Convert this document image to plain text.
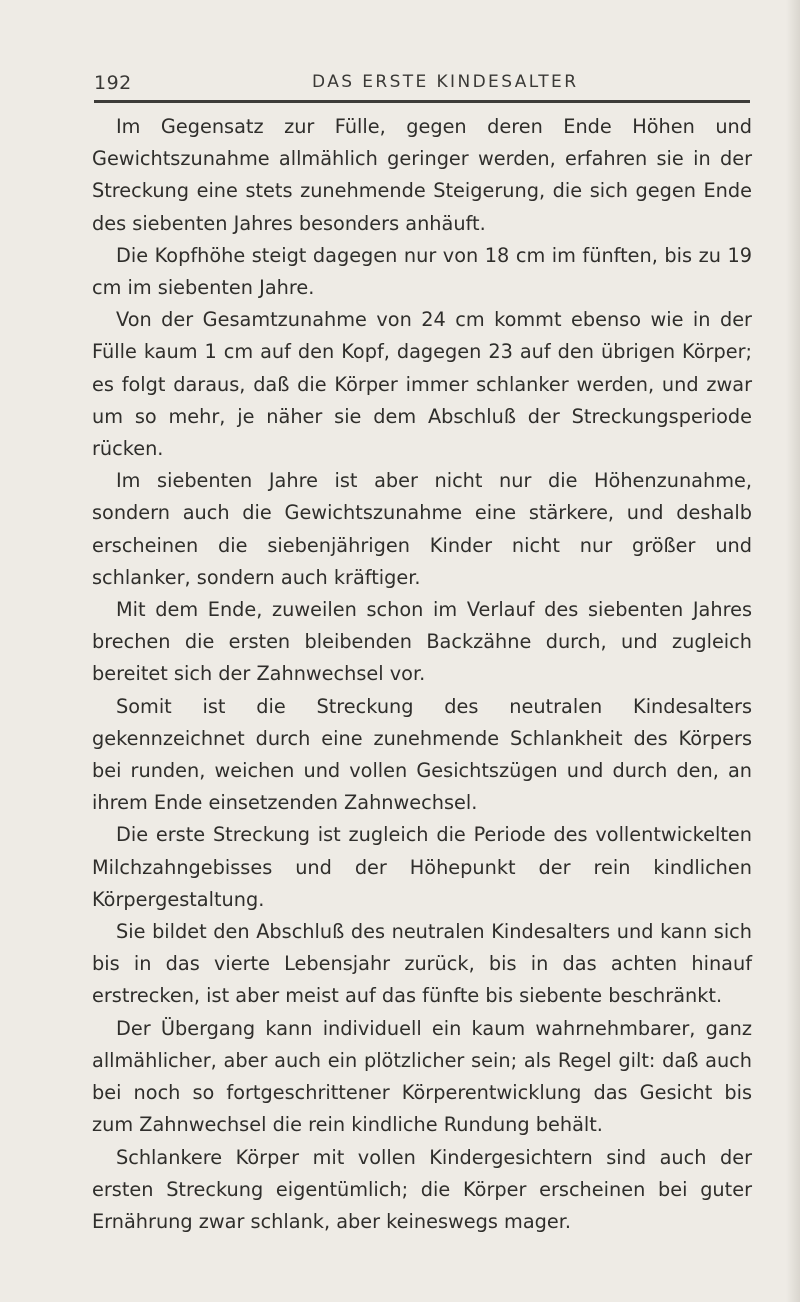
192	DAS ERSTE KINDESALTER

Im Gegensatz zur Fülle, gegen deren Ende Höhen und Gewichtszunahme allmählich geringer werden, erfahren sie in der Streckung eine stets zunehmende Steigerung, die sich gegen Ende des siebenten Jahres besonders anhäuft.

Die Kopfhöhe steigt dagegen nur von 18 cm im fünften, bis zu 19 cm im siebenten Jahre.

Von der Gesamtzunahme von 24 cm kommt ebenso wie in der Fülle kaum 1 cm auf den Kopf, dagegen 23 auf den übrigen Körper; es folgt daraus, daß die Körper immer schlanker werden, und zwar um so mehr, je näher sie dem Abschluß der Streckungsperiode rücken.

Im siebenten Jahre ist aber nicht nur die Höhenzunahme, sondern auch die Gewichtszunahme eine stärkere, und deshalb erscheinen die siebenjährigen Kinder nicht nur größer und schlanker, sondern auch kräftiger.

Mit dem Ende, zuweilen schon im Verlauf des siebenten Jahres brechen die ersten bleibenden Backzähne durch, und zugleich bereitet sich der Zahnwechsel vor.

Somit ist die Streckung des neutralen Kindesalters gekennzeichnet durch eine zunehmende Schlankheit des Körpers bei runden, weichen und vollen Gesichtszügen und durch den, an ihrem Ende einsetzenden Zahnwechsel.

Die erste Streckung ist zugleich die Periode des vollentwickelten Milchzahngebisses und der Höhepunkt der rein kindlichen Körpergestaltung.

Sie bildet den Abschluß des neutralen Kindesalters und kann sich bis in das vierte Lebensjahr zurück, bis in das achten hinauf erstrecken, ist aber meist auf das fünfte bis siebente beschränkt.

Der Übergang kann individuell ein kaum wahrnehmbarer, ganz allmählicher, aber auch ein plötzlicher sein; als Regel gilt: daß auch bei noch so fortgeschrittener Körperentwicklung das Gesicht bis zum Zahnwechsel die rein kindliche Rundung behält.

Schlankere Körper mit vollen Kindergesichtern sind auch der ersten Streckung eigentümlich; die Körper erscheinen bei guter Ernährung zwar schlank, aber keineswegs mager.
